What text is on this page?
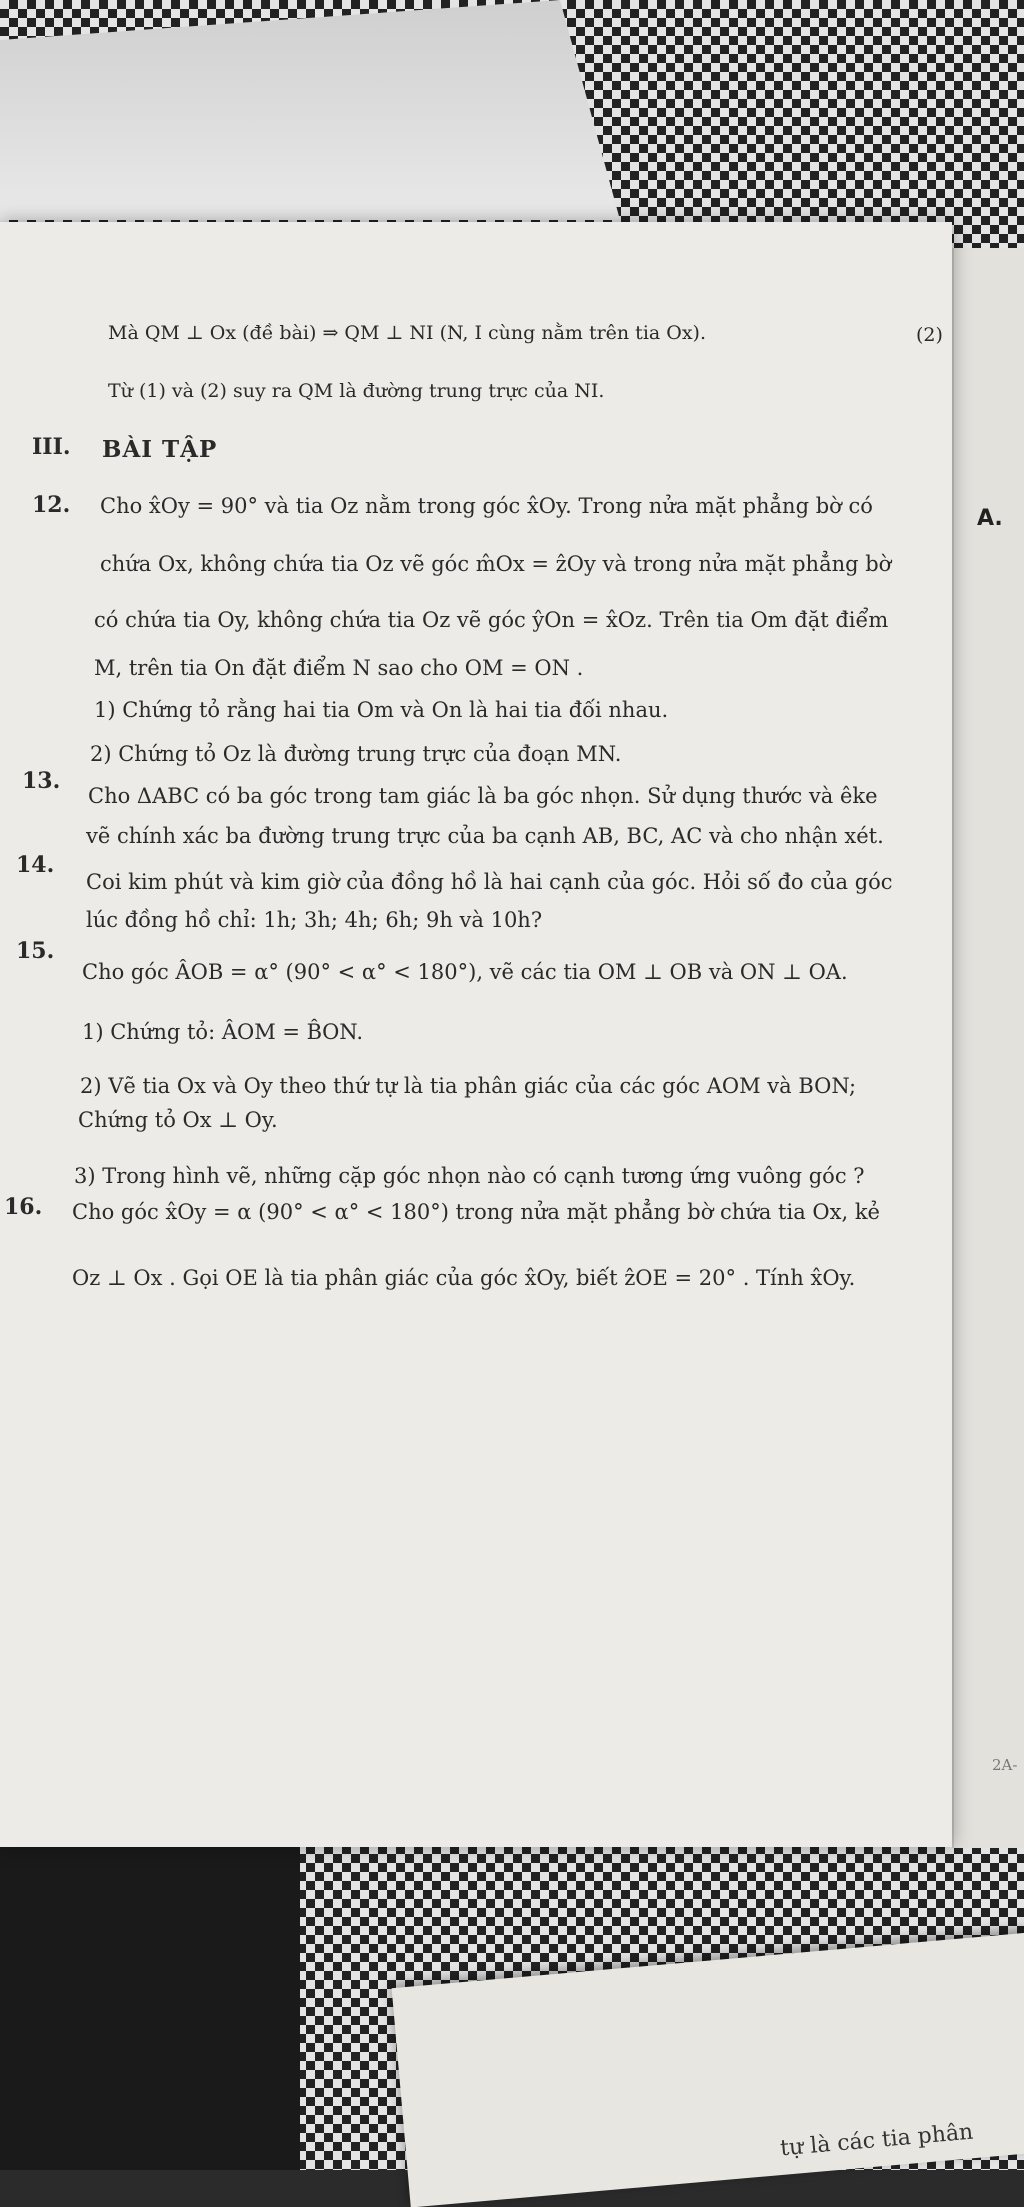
tự là các tia phân
A.
2A-
Mà QM ⊥ Ox (đề bài) ⇒ QM ⊥ NI (N, I cùng nằm trên tia Ox).	(2)
Từ (1) và (2) suy ra QM là đường trung trực của NI.
III. BÀI TẬP
12. Cho x̂Oy = 90° và tia Oz nằm trong góc x̂Oy. Trong nửa mặt phẳng bờ có
chứa Ox, không chứa tia Oz vẽ góc m̂Ox = ẑOy và trong nửa mặt phẳng bờ
có chứa tia Oy, không chứa tia Oz vẽ góc ŷOn = x̂Oz. Trên tia Om đặt điểm
M, trên tia On đặt điểm N sao cho OM = ON .
1) Chứng tỏ rằng hai tia Om và On là hai tia đối nhau.
2) Chứng tỏ Oz là đường trung trực của đoạn MN.
13.
Cho ΔABC có ba góc trong tam giác là ba góc nhọn. Sử dụng thước và êke
vẽ chính xác ba đường trung trực của ba cạnh AB, BC, AC và cho nhận xét.
14.
Coi kim phút và kim giờ của đồng hồ là hai cạnh của góc. Hỏi số đo của góc
lúc đồng hồ chỉ: 1h; 3h; 4h; 6h; 9h và 10h?
15.
Cho góc ÂOB = α° (90° < α° < 180°), vẽ các tia OM ⊥ OB và ON ⊥ OA.
1) Chứng tỏ: ÂOM = B̂ON.
2) Vẽ tia Ox và Oy theo thứ tự là tia phân giác của các góc AOM và BON;
Chứng tỏ Ox ⊥ Oy.
3) Trong hình vẽ, những cặp góc nhọn nào có cạnh tương ứng vuông góc ?
16. Cho góc x̂Oy = α (90° < α° < 180°) trong nửa mặt phẳng bờ chứa tia Ox, kẻ
Oz ⊥ Ox . Gọi OE là tia phân giác của góc x̂Oy, biết ẑOE = 20° . Tính x̂Oy.
